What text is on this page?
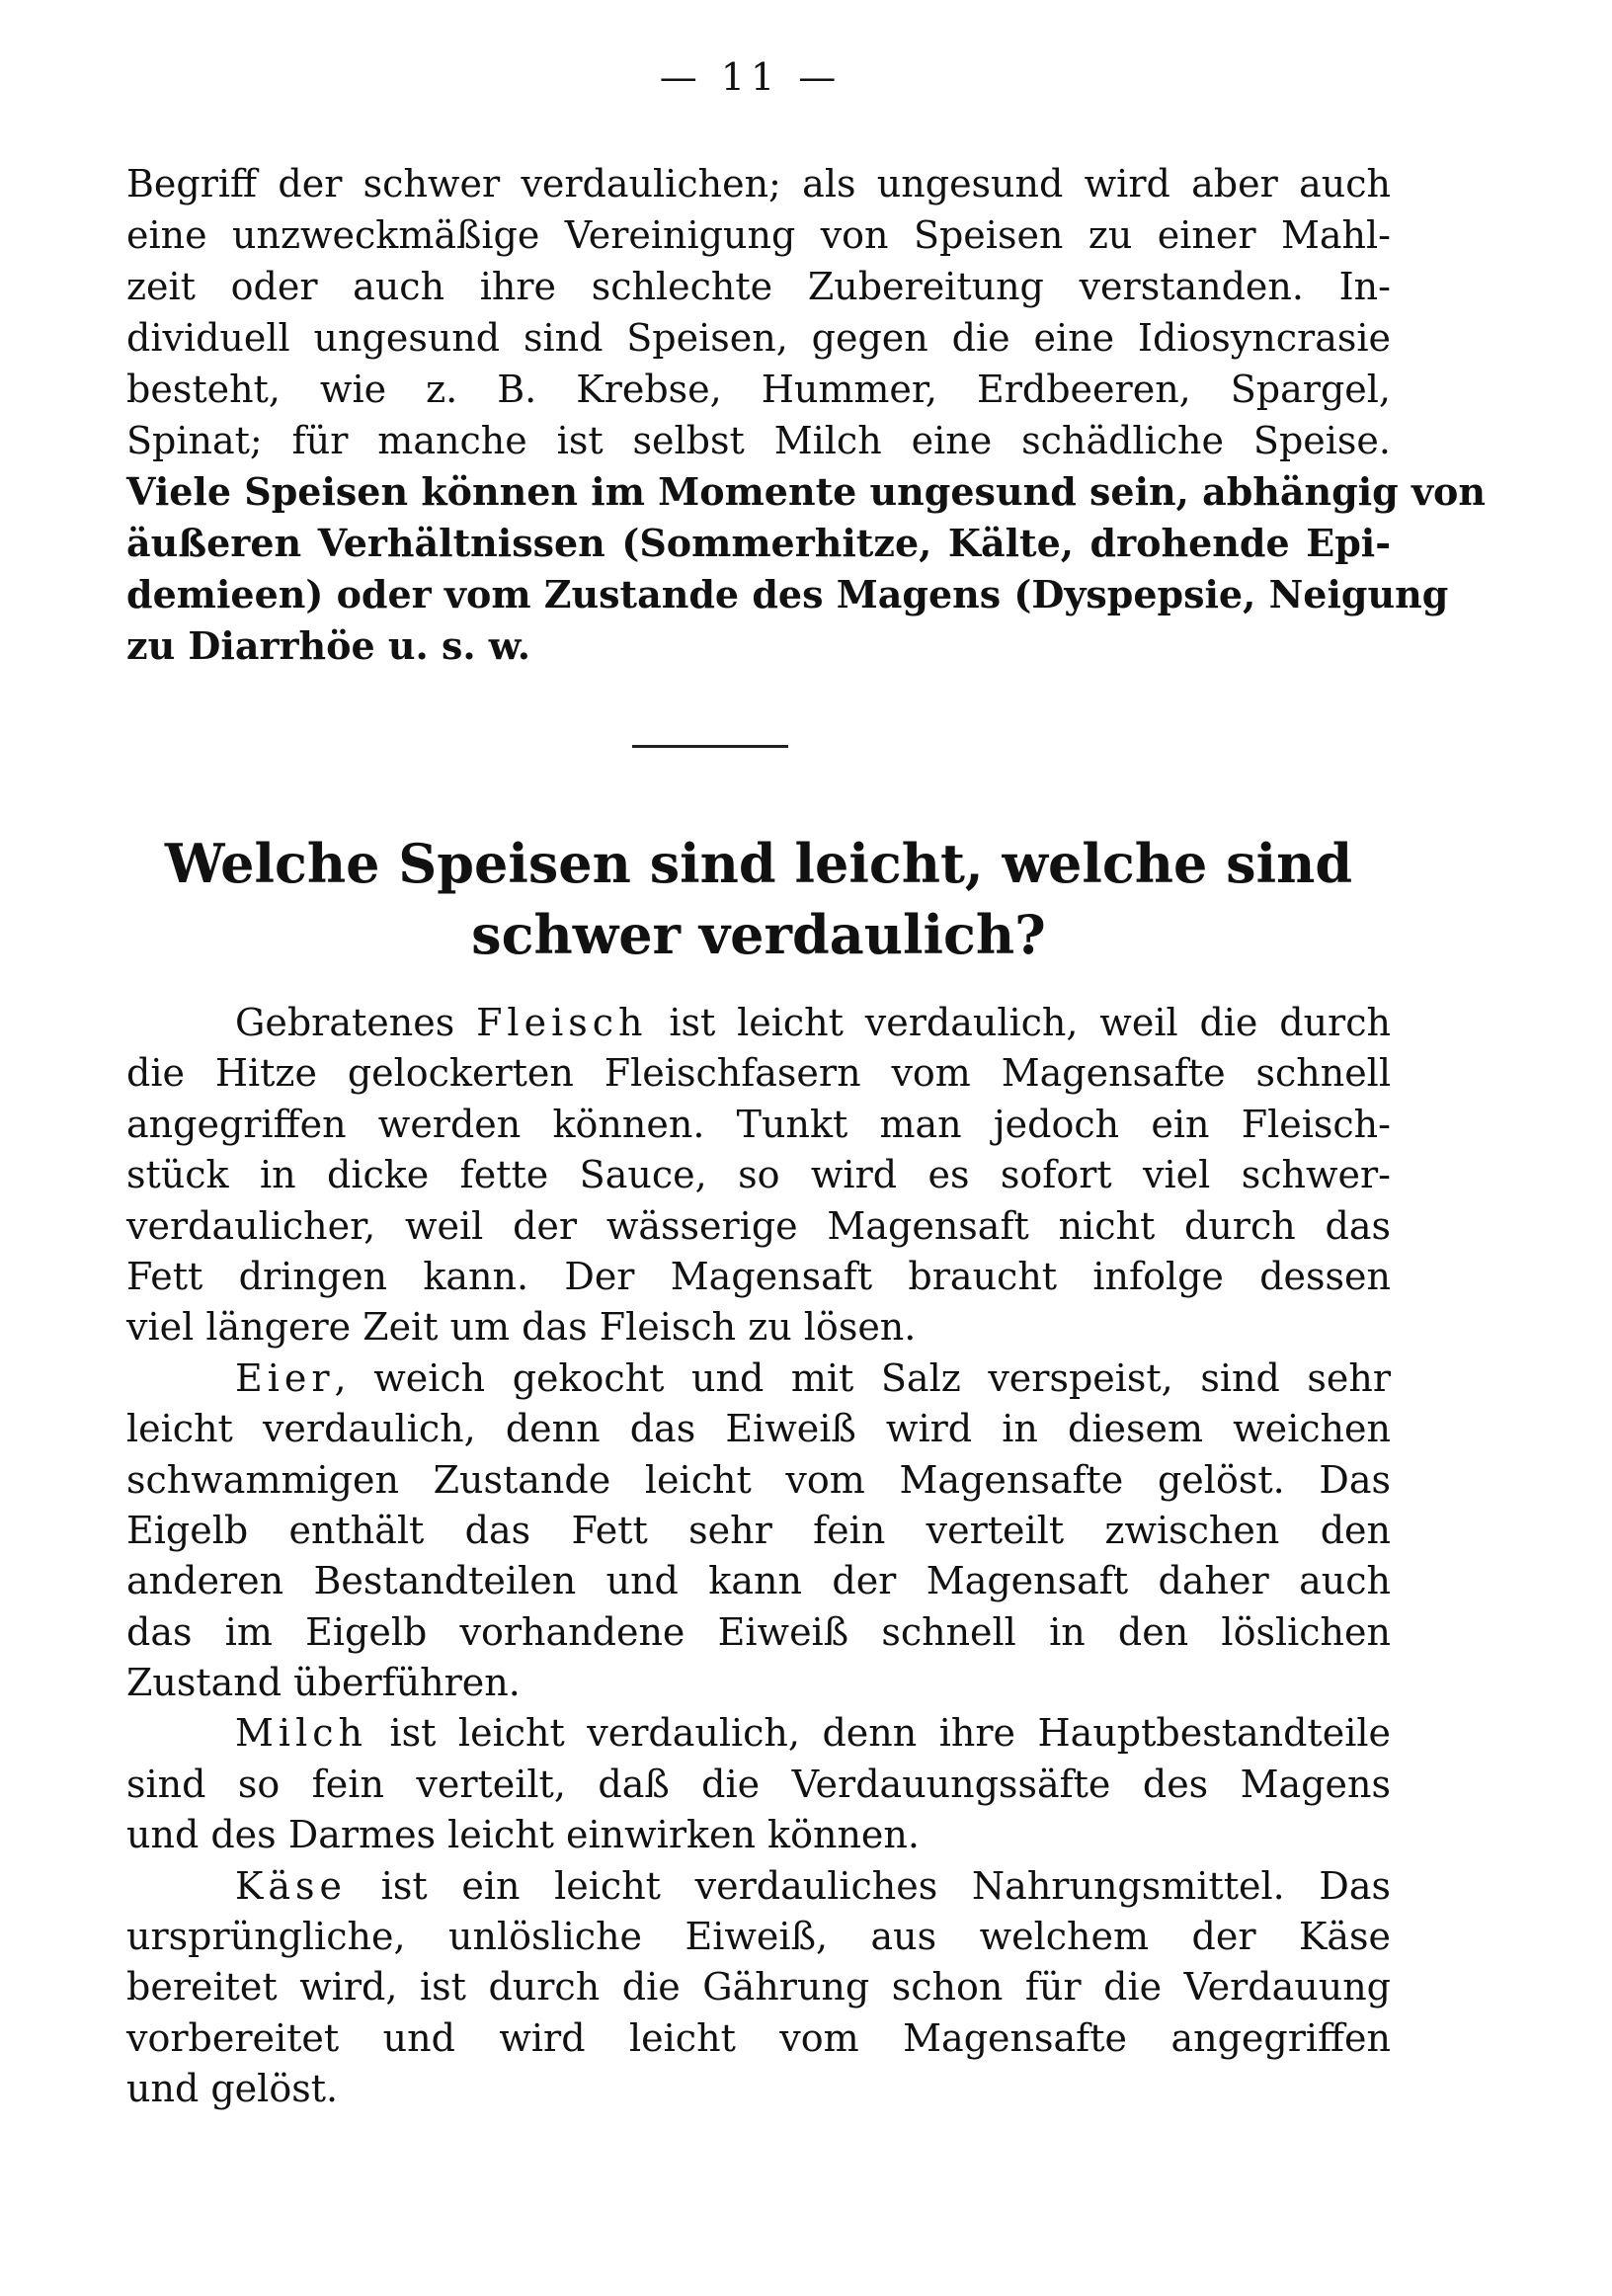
— 11 —
Begriff der schwer verdaulichen; als ungesund wird aber auch
eine unzweckmäßige Vereinigung von Speisen zu einer Mahl-
zeit oder auch ihre schlechte Zubereitung verstanden. In-
dividuell ungesund sind Speisen, gegen die eine Idiosyncrasie
besteht, wie z. B. Krebse, Hummer, Erdbeeren, Spargel,
Spinat; für manche ist selbst Milch eine schädliche Speise.
Viele Speisen können im Momente ungesund sein, abhängig von
äußeren Verhältnissen (Sommerhitze, Kälte, drohende Epi-
demieen) oder vom Zustande des Magens (Dyspepsie, Neigung
zu Diarrhöe u. s. w.
Welche Speisen sind leicht, welche sind
schwer verdaulich?
Gebratenes Fleisch ist leicht verdaulich, weil die durch
die Hitze gelockerten Fleischfasern vom Magensafte schnell
angegriffen werden können. Tunkt man jedoch ein Fleisch-
stück in dicke fette Sauce, so wird es sofort viel schwer-
verdaulicher, weil der wässerige Magensaft nicht durch das
Fett dringen kann. Der Magensaft braucht infolge dessen
viel längere Zeit um das Fleisch zu lösen.
Eier, weich gekocht und mit Salz verspeist, sind sehr
leicht verdaulich, denn das Eiweiß wird in diesem weichen
schwammigen Zustande leicht vom Magensafte gelöst. Das
Eigelb enthält das Fett sehr fein verteilt zwischen den
anderen Bestandteilen und kann der Magensaft daher auch
das im Eigelb vorhandene Eiweiß schnell in den löslichen
Zustand überführen.
Milch ist leicht verdaulich, denn ihre Hauptbestandteile
sind so fein verteilt, daß die Verdauungssäfte des Magens
und des Darmes leicht einwirken können.
Käse ist ein leicht verdauliches Nahrungsmittel. Das
ursprüngliche, unlösliche Eiweiß, aus welchem der Käse
bereitet wird, ist durch die Gährung schon für die Verdauung
vorbereitet und wird leicht vom Magensafte angegriffen
und gelöst.
